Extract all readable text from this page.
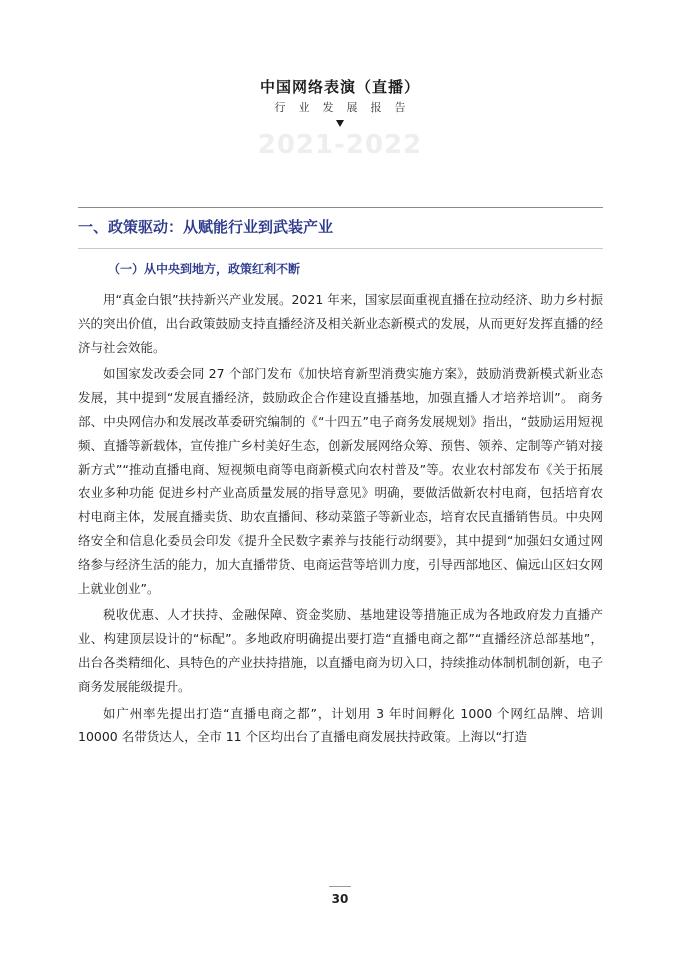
中国网络表演（直播）
行业发展报告
2021-2022
一、政策驱动：从赋能行业到武装产业
（一）从中央到地方，政策红利不断

用“真金白银”扶持新兴产业发展。2021 年来，国家层面重视直播在拉动经济、助力乡村振兴的突出价值，出台政策鼓励支持直播经济及相关新业态新模式的发展，从而更好发挥直播的经济与社会效能。

如国家发改委会同 27 个部门发布《加快培育新型消费实施方案》，鼓励消费新模式新业态发展，其中提到“发展直播经济，鼓励政企合作建设直播基地，加强直播人才培养培训”。 商务部、中央网信办和发展改革委研究编制的《“十四五”电子商务发展规划》指出，“鼓励运用短视频、直播等新载体，宣传推广乡村美好生态，创新发展网络众筹、预售、领养、定制等产销对接新方式”“推动直播电商、短视频电商等电商新模式向农村普及”等。农业农村部发布《关于拓展农业多种功能 促进乡村产业高质量发展的指导意见》明确，要做活做新农村电商，包括培育农村电商主体，发展直播卖货、助农直播间、移动菜篮子等新业态，培育农民直播销售员。中央网络安全和信息化委员会印发《提升全民数字素养与技能行动纲要》，其中提到“加强妇女通过网络参与经济生活的能力，加大直播带货、电商运营等培训力度，引导西部地区、偏远山区妇女网上就业创业”。

税收优惠、人才扶持、金融保障、资金奖励、基地建设等措施正成为各地政府发力直播产业、构建顶层设计的“标配”。多地政府明确提出要打造“直播电商之都”“直播经济总部基地”，出台各类精细化、具特色的产业扶持措施，以直播电商为切入口，持续推动体制机制创新，电子商务发展能级提升。

如广州率先提出打造“直播电商之都”，计划用 3 年时间孵化 1000 个网红品牌、培训 10000 名带货达人，全市 11 个区均出台了直播电商发展扶持政策。上海以“打造

30
